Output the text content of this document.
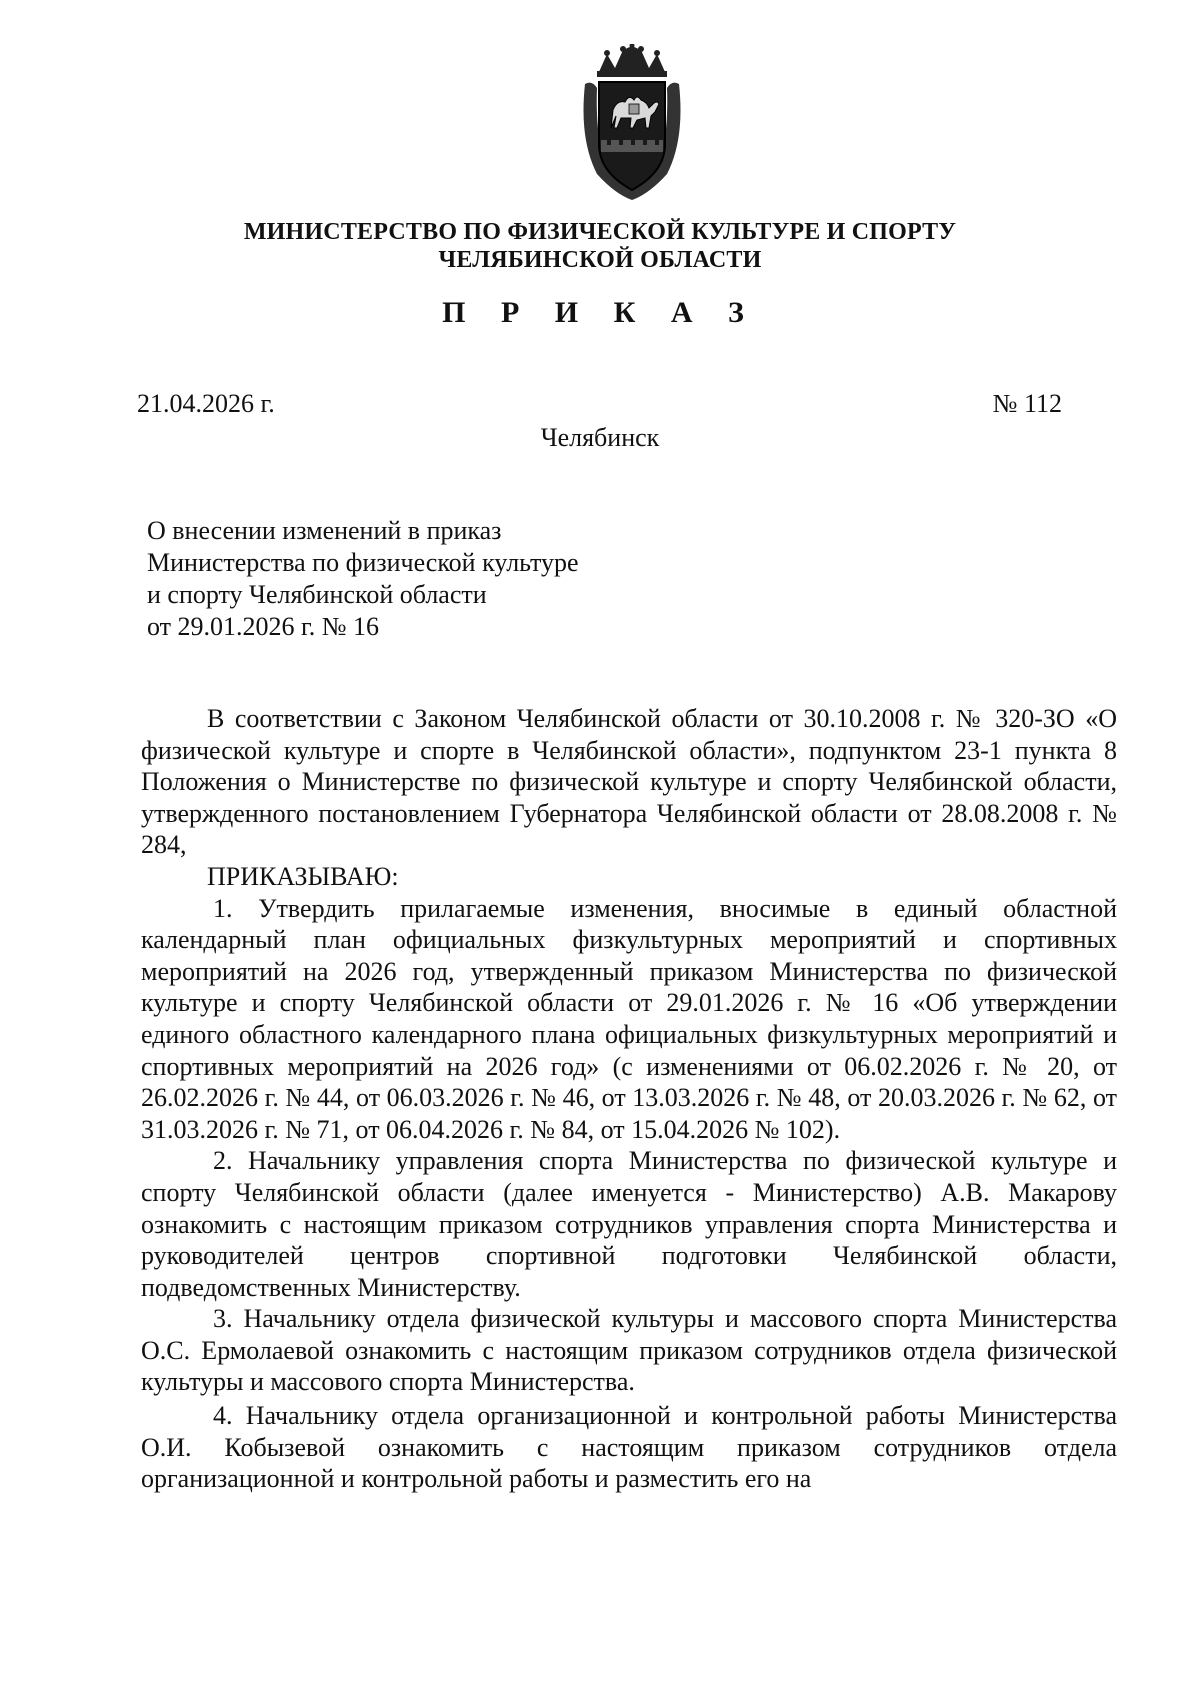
МИНИСТЕРСТВО ПО ФИЗИЧЕСКОЙ КУЛЬТУРЕ И СПОРТУ
ЧЕЛЯБИНСКОЙ ОБЛАСТИ
П Р И К А З
21.04.2026 г.	№ 112
Челябинск
О внесении изменений в приказ
Министерства по физической культуре
и спорту Челябинской области
от 29.01.2026 г. № 16

В соответствии с Законом Челябинской области от 30.10.2008 г. № 320-ЗО «О физической культуре и спорте в Челябинской области», подпунктом 23-1 пункта 8 Положения о Министерстве по физической культуре и спорту Челябинской области, утвержденного постановлением Губернатора Челябинской области от 28.08.2008 г. № 284,

ПРИКАЗЫВАЮ:

1. Утвердить прилагаемые изменения, вносимые в единый областной календарный план официальных физкультурных мероприятий и спортивных мероприятий на 2026 год, утвержденный приказом Министерства по физической культуре и спорту Челябинской области от 29.01.2026 г. № 16 «Об утверждении единого областного календарного плана официальных физкультурных мероприятий и спортивных мероприятий на 2026 год» (с изменениями от 06.02.2026 г. № 20, от 26.02.2026 г. № 44, от 06.03.2026 г. № 46, от 13.03.2026 г. № 48, от 20.03.2026 г. № 62, от 31.03.2026 г. № 71, от 06.04.2026 г. № 84, от 15.04.2026 № 102).

2. Начальнику управления спорта Министерства по физической культуре и спорту Челябинской области (далее именуется - Министерство) А.В. Макарову ознакомить с настоящим приказом сотрудников управления спорта Министерства и руководителей центров спортивной подготовки Челябинской области, подведомственных Министерству.

3. Начальнику отдела физической культуры и массового спорта Министерства О.С. Ермолаевой ознакомить с настоящим приказом сотрудников отдела физической культуры и массового спорта Министерства.

4. Начальнику отдела организационной и контрольной работы Министерства О.И. Кобызевой ознакомить с настоящим приказом сотрудников отдела организационной и контрольной работы и разместить его на
